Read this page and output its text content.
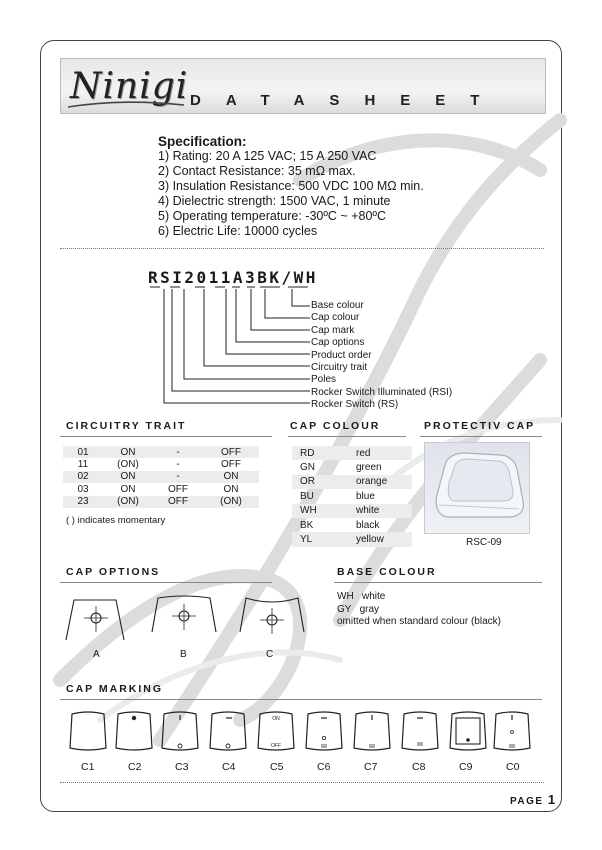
Ninigi DATASHEET
Specification:
1) Rating: 20 A 125 VAC; 15 A 250 VAC
2) Contact Resistance: 35 mΩ max.
3) Insulation Resistance: 500 VDC 100 MΩ min.
4) Dielectric strength: 1500 VAC, 1 minute
5) Operating temperature: -30ºC ~ +80ºC
6) Electric Life: 10000 cycles
RSI2011A3BK/WH
Base colour
Cap colour
Cap mark
Cap options
Product order
Circuitry trait
Poles
Rocker Switch Illuminated (RSI)
Rocker Switch (RS)
CIRCUITRY TRAIT
01	ON	-	OFF
11	(ON)	-	OFF
02	ON	-	ON
03	ON	OFF	ON
23	(ON)	OFF	(ON)
( ) indicates momentary
CAP COLOUR
RD	red
GN	green
OR	orange
BU	blue
WH	white
BK	black
YL	yellow
PROTECTIV CAP
RSC-09
CAP OPTIONS
A	B	C
BASE COLOUR
WH   white
GY   gray
omitted when standard colour (black)
CAP MARKING
ON
OFF
C1	C2	C3	C4	C5	C6	C7	C8	C9	C0
PAGE 1
